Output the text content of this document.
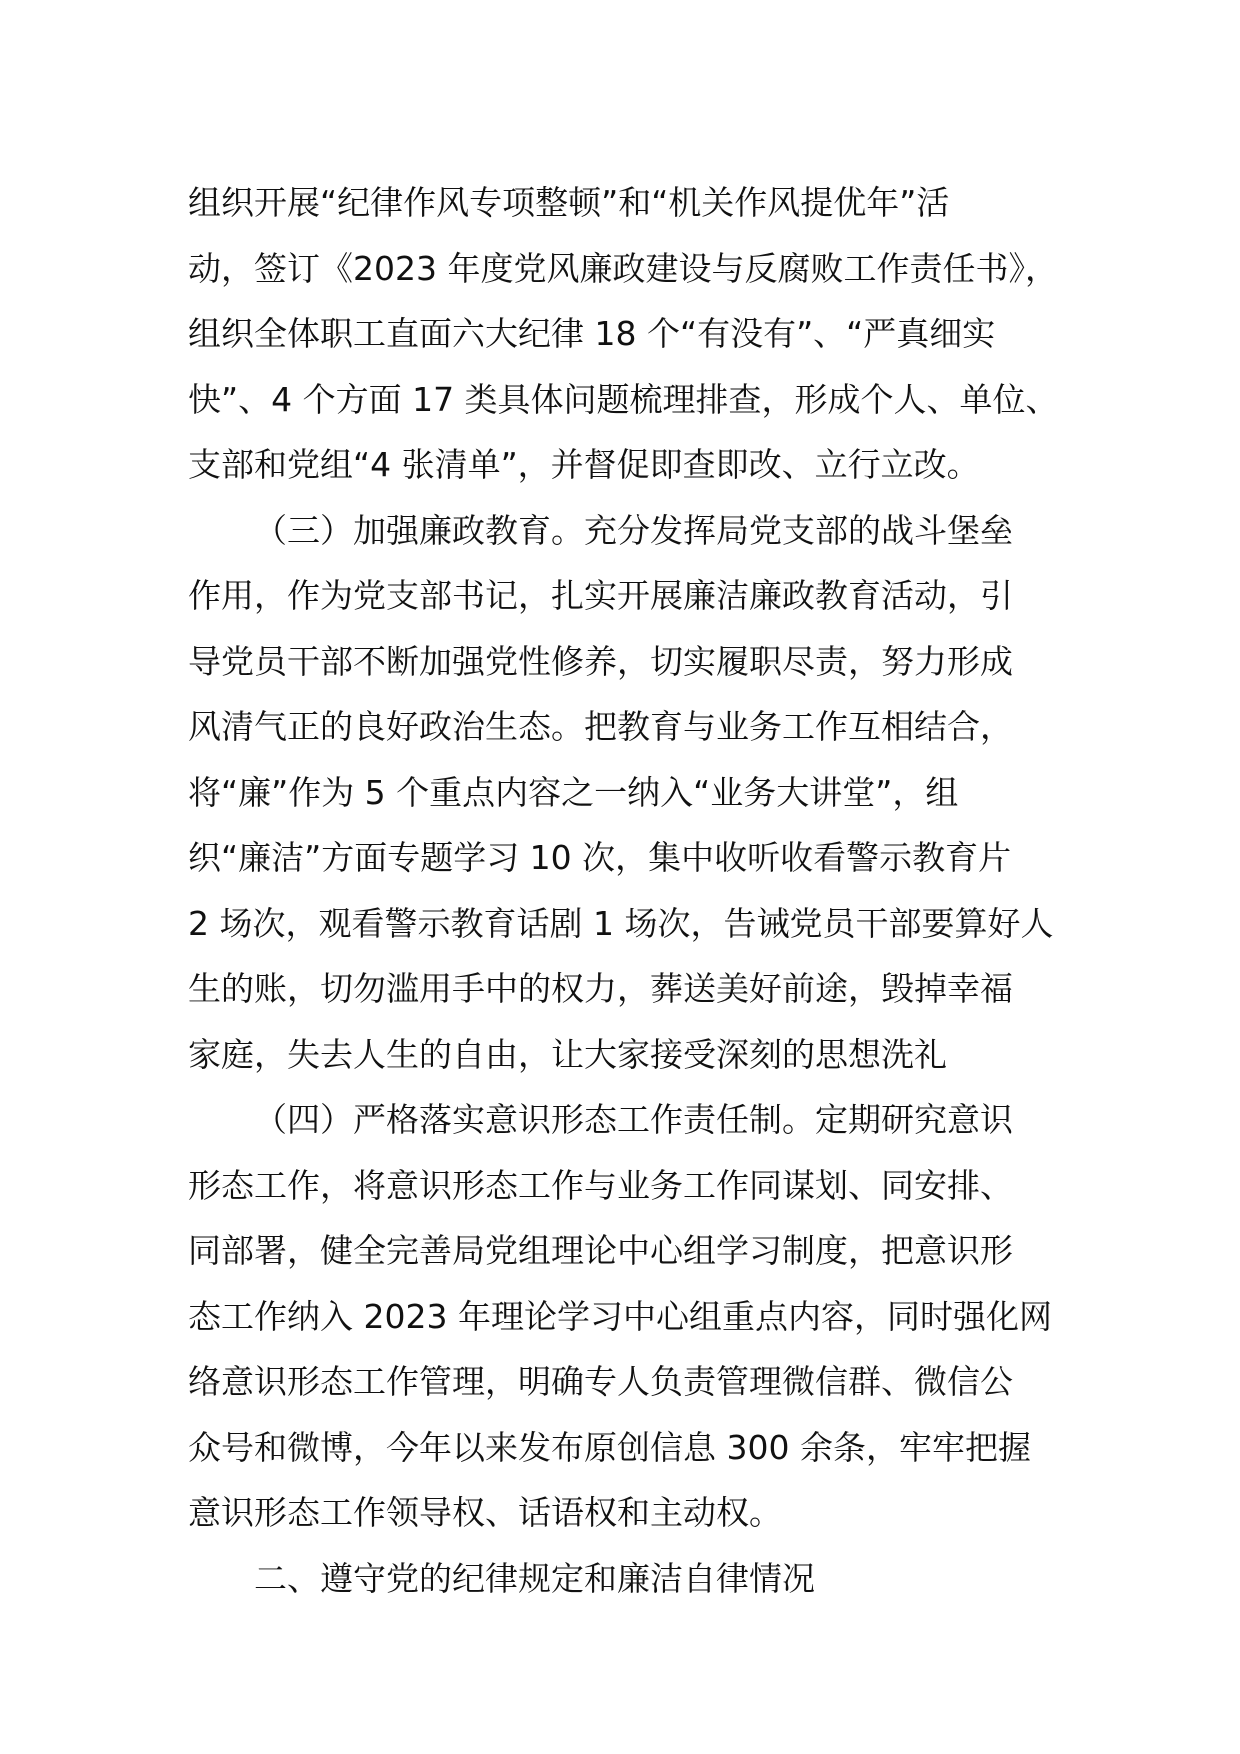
组织开展“纪律作风专项整顿”和“机关作风提优年”活
动，签订《2023 年度党风廉政建设与反腐败工作责任书》，
组织全体职工直面六大纪律 18 个“有没有”、“严真细实
快”、4 个方面 17 类具体问题梳理排查，形成个人、单位、
支部和党组“4 张清单”，并督促即查即改、立行立改。
（三）加强廉政教育。充分发挥局党支部的战斗堡垒
作用，作为党支部书记，扎实开展廉洁廉政教育活动，引
导党员干部不断加强党性修养，切实履职尽责，努力形成
风清气正的良好政治生态。把教育与业务工作互相结合，
将“廉”作为 5 个重点内容之一纳入“业务大讲堂”，组
织“廉洁”方面专题学习 10 次，集中收听收看警示教育片
2 场次，观看警示教育话剧 1 场次，告诫党员干部要算好人
生的账，切勿滥用手中的权力，葬送美好前途，毁掉幸福
家庭，失去人生的自由，让大家接受深刻的思想洗礼
（四）严格落实意识形态工作责任制。定期研究意识
形态工作，将意识形态工作与业务工作同谋划、同安排、
同部署，健全完善局党组理论中心组学习制度，把意识形
态工作纳入 2023 年理论学习中心组重点内容，同时强化网
络意识形态工作管理，明确专人负责管理微信群、微信公
众号和微博，今年以来发布原创信息 300 余条，牢牢把握
意识形态工作领导权、话语权和主动权。
二、遵守党的纪律规定和廉洁自律情况
